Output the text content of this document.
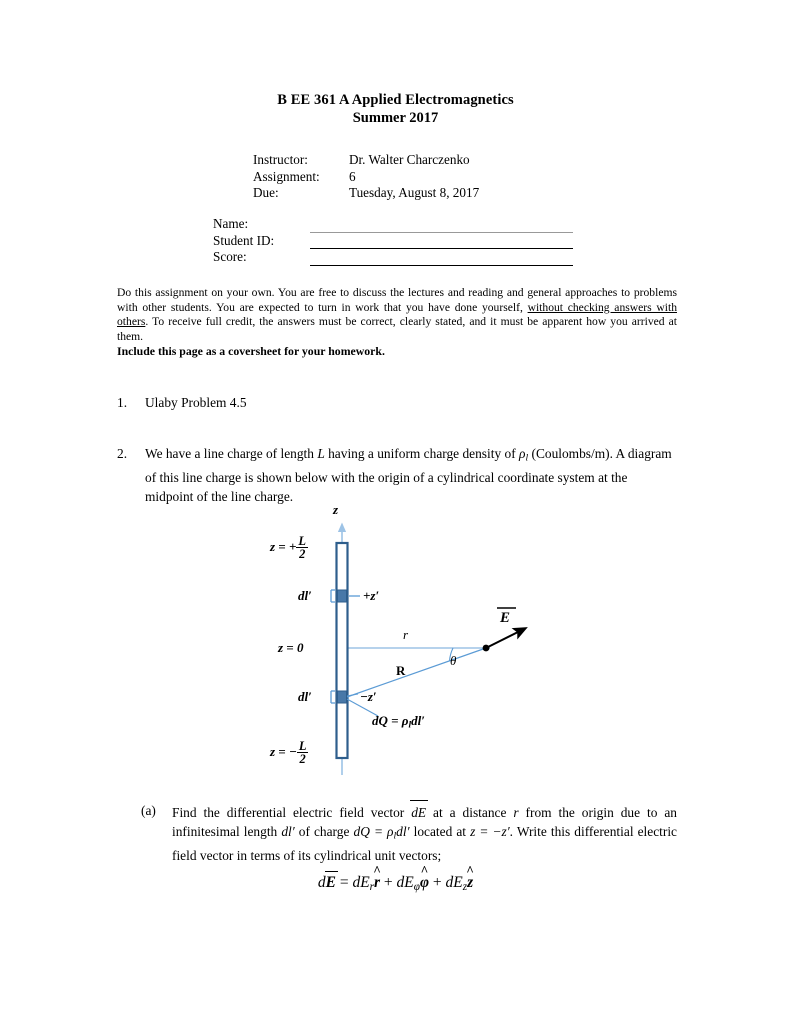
B EE 361 A Applied Electromagnetics
Summer 2017
Instructor:	Dr. Walter Charczenko
Assignment:	6
Due:	Tuesday, August 8, 2017
Name:
Student ID:
Score:
Do this assignment on your own. You are free to discuss the lectures and reading and general approaches to problems with other students. You are expected to turn in work that you have done yourself, without checking answers with others. To receive full credit, the answers must be correct, clearly stated, and it must be apparent how you arrived at them.
Include this page as a coversheet for your homework.
1.	Ulaby Problem 4.5
2.	We have a line charge of length L having a uniform charge density of $\rho_l$ (Coulombs/m). A diagram of this line charge is shown below with the origin of a cylindrical coordinate system at the midpoint of the line charge.
z
z = + $\frac{L}{2}$
dl′	+z′
z = 0
r
R
θ
E
dl′	−z′
dQ = $\rho_ldl'$
z = − $\frac{L}{2}$
(a) Find the differential electric field vector dE at a distance r from the origin due to an infinitesimal length dl′ of charge dQ = $\rho_ldl'$ located at z = −z′. Write this differential electric field vector in terms of its cylindrical unit vectors;
dE = $dE_rr$ ^ + $dE_\varphi\varphi$ ^ + $dE_zz$ ^
